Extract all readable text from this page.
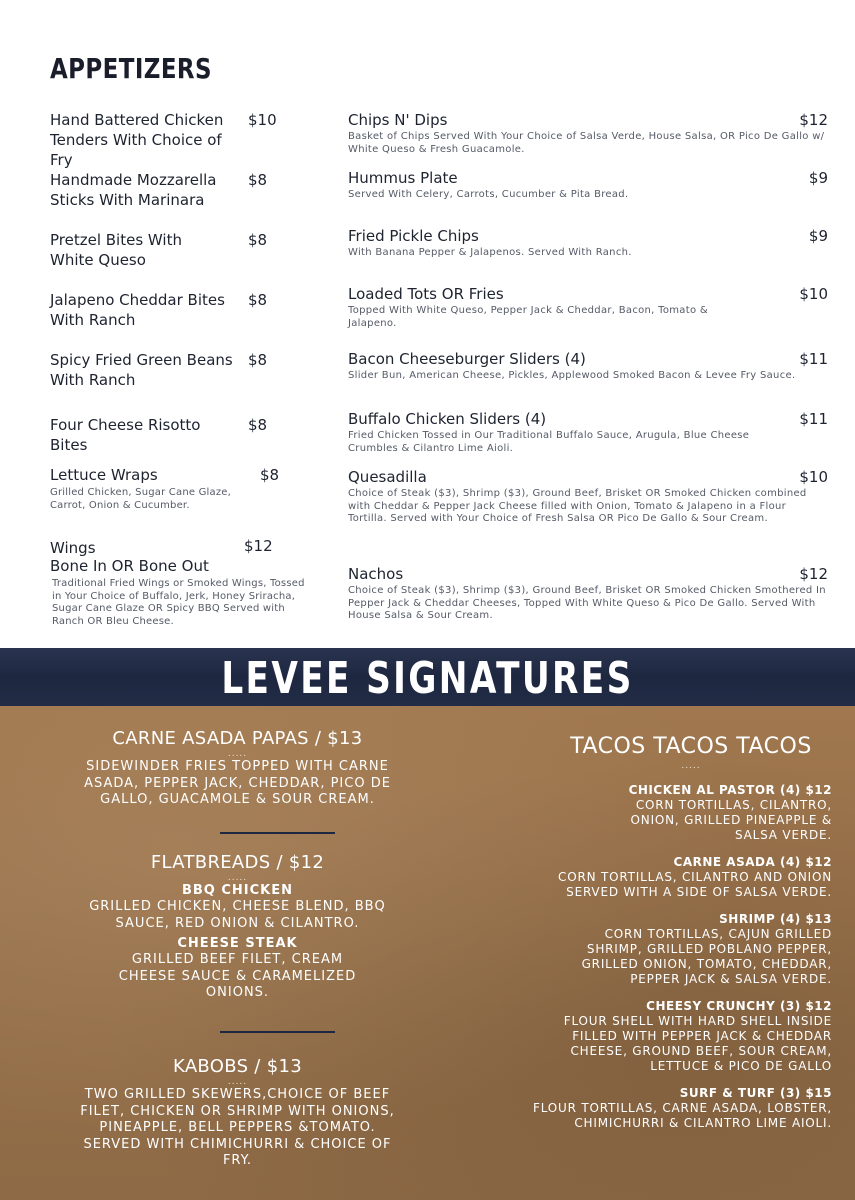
APPETIZERS
Hand Battered Chicken Tenders With Choice of Fry
$10
Handmade Mozzarella Sticks With Marinara
$8
Pretzel Bites With White Queso
$8
Jalapeno Cheddar Bites With Ranch
$8
Spicy Fried Green Beans With Ranch
$8
Four Cheese Risotto Bites
$8
Lettuce Wraps	$8
Grilled Chicken, Sugar Cane Glaze, Carrot, Onion & Cucumber.
Wings
Bone In OR Bone Out
$12
Traditional Fried Wings or Smoked Wings, Tossed in Your Choice of Buffalo, Jerk, Honey Sriracha, Sugar Cane Glaze OR Spicy BBQ Served with Ranch OR Bleu Cheese.
Chips N' Dips	$12
Basket of Chips Served With Your Choice of Salsa Verde, House Salsa, OR Pico De Gallo w/ White Queso & Fresh Guacamole.
Hummus Plate	$9
Served With Celery, Carrots, Cucumber & Pita Bread.
Fried Pickle Chips	$9
With Banana Pepper & Jalapenos. Served With Ranch.
Loaded Tots OR Fries	$10
Topped With White Queso, Pepper Jack & Cheddar, Bacon, Tomato & Jalapeno.
Bacon Cheeseburger Sliders (4)	$11
Slider Bun, American Cheese, Pickles, Applewood Smoked Bacon & Levee Fry Sauce.
Buffalo Chicken Sliders (4)	$11
Fried Chicken Tossed in Our Traditional Buffalo Sauce, Arugula, Blue Cheese Crumbles & Cilantro Lime Aioli.
Quesadilla	$10
Choice of Steak ($3), Shrimp ($3), Ground Beef, Brisket OR Smoked Chicken combined with Cheddar & Pepper Jack Cheese filled with Onion, Tomato & Jalapeno in a Flour Tortilla. Served with Your Choice of Fresh Salsa OR Pico De Gallo & Sour Cream.
Nachos	$12
Choice of Steak ($3), Shrimp ($3), Ground Beef, Brisket OR Smoked Chicken Smothered In Pepper Jack & Cheddar Cheeses, Topped With White Queso & Pico De Gallo. Served With House Salsa & Sour Cream.
LEVEE SIGNATURES
CARNE ASADA PAPAS / $13
.....
SIDEWINDER FRIES TOPPED WITH CARNE ASADA, PEPPER JACK, CHEDDAR, PICO DE GALLO, GUACAMOLE & SOUR CREAM.
FLATBREADS / $12
.....
BBQ CHICKEN
GRILLED CHICKEN, CHEESE BLEND, BBQ SAUCE, RED ONION & CILANTRO.
CHEESE STEAK
GRILLED BEEF FILET, CREAM CHEESE SAUCE & CARAMELIZED ONIONS.
KABOBS / $13
.....
TWO GRILLED SKEWERS,CHOICE OF BEEF FILET, CHICKEN OR SHRIMP WITH ONIONS, PINEAPPLE, BELL PEPPERS &TOMATO. SERVED WITH CHIMICHURRI & CHOICE OF FRY.
TACOS TACOS TACOS
.....
CHICKEN AL PASTOR (4) $12
CORN TORTILLAS, CILANTRO, ONION, GRILLED PINEAPPLE & SALSA VERDE.
CARNE ASADA (4) $12
CORN TORTILLAS, CILANTRO AND ONION SERVED WITH A SIDE OF SALSA VERDE.
SHRIMP (4) $13
CORN TORTILLAS, CAJUN GRILLED SHRIMP, GRILLED POBLANO PEPPER, GRILLED ONION, TOMATO, CHEDDAR, PEPPER JACK & SALSA VERDE.
CHEESY CRUNCHY (3) $12
FLOUR SHELL WITH HARD SHELL INSIDE FILLED WITH PEPPER JACK & CHEDDAR CHEESE, GROUND BEEF, SOUR CREAM, LETTUCE & PICO DE GALLO
SURF & TURF (3) $15
FLOUR TORTILLAS, CARNE ASADA, LOBSTER, CHIMICHURRI & CILANTRO LIME AIOLI.
